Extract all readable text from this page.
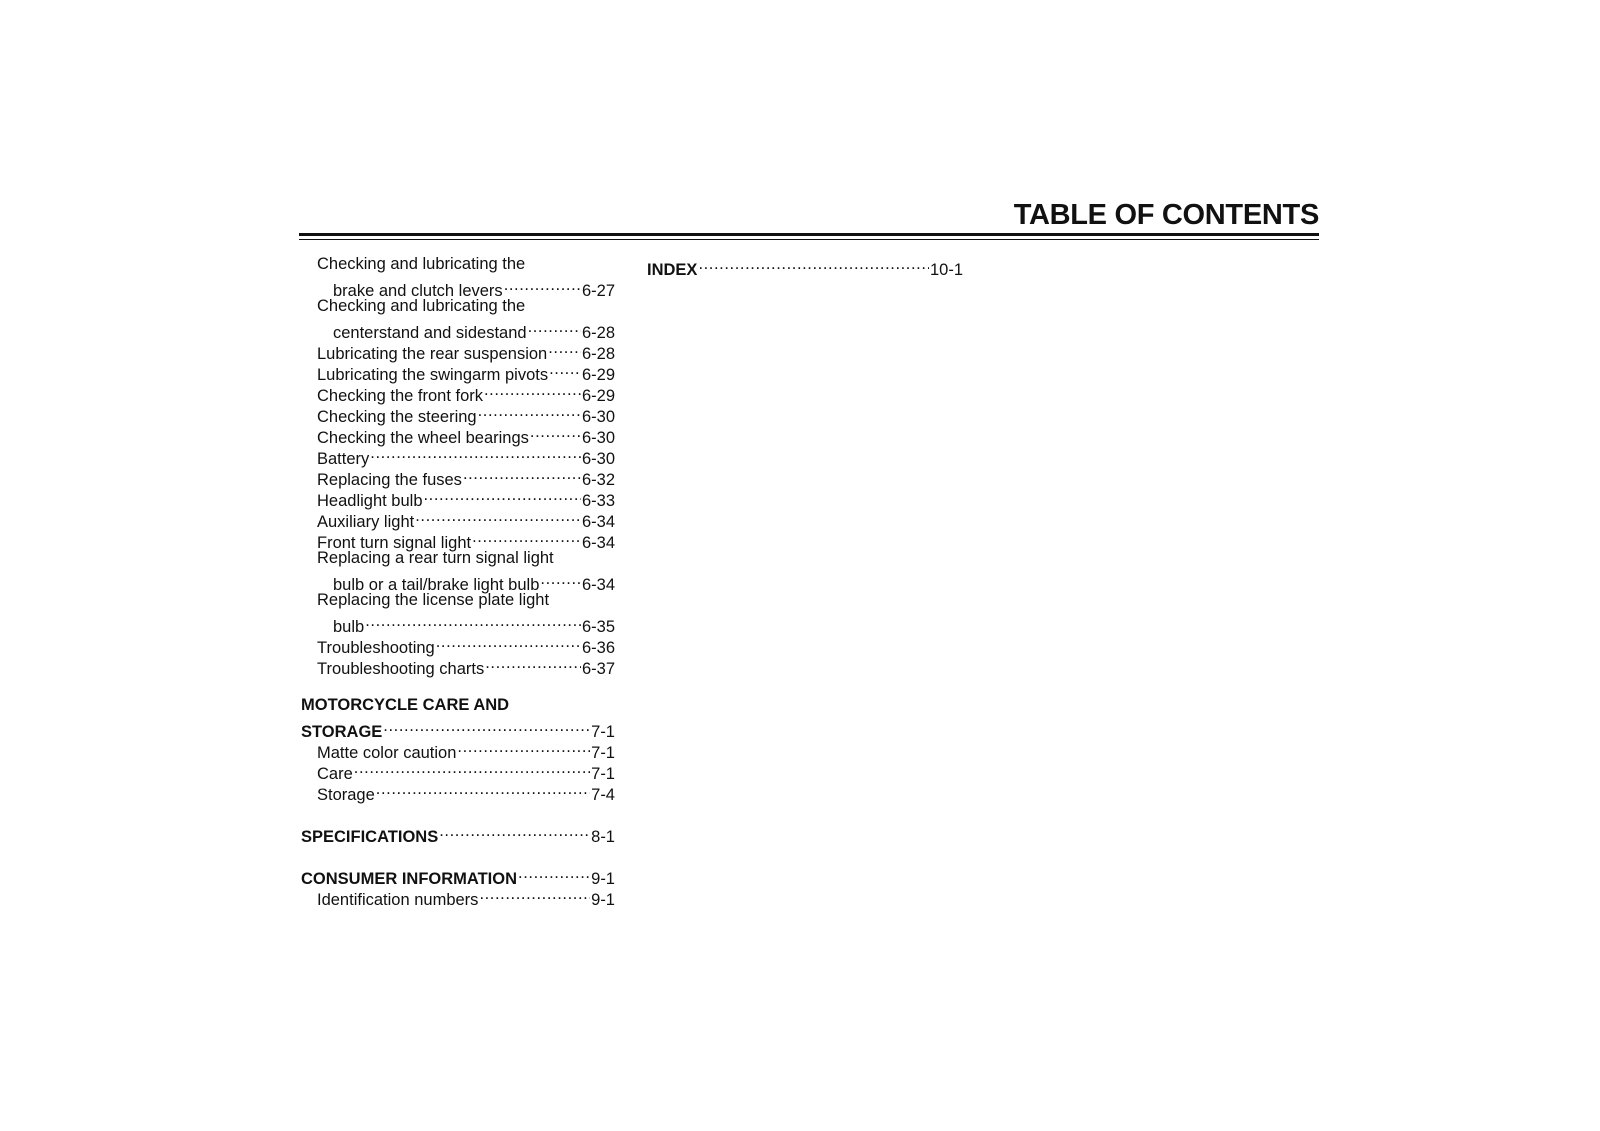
TABLE OF CONTENTS
Checking and lubricating the
brake and clutch levers .....	6-27
Checking and lubricating the
centerstand and sidestand .....	6-28
Lubricating the rear suspension ..... 6-28
Lubricating the swingarm pivots ..... 6-29
Checking the front fork .....	6-29
Checking the steering .....	6-30
Checking the wheel bearings .....	6-30
Battery .....	6-30
Replacing the fuses .....	6-32
Headlight bulb .....	6-33
Auxiliary light .....	6-34
Front turn signal light .....	6-34
Replacing a rear turn signal light
bulb or a tail/brake light bulb .....	6-34
Replacing the license plate light
bulb .....	6-35
Troubleshooting .....	6-36
Troubleshooting charts .....	6-37
MOTORCYCLE CARE AND
STORAGE .....	7-1
Matte color caution .....	7-1
Care .....	7-1
Storage .....	7-4
SPECIFICATIONS .....	8-1
CONSUMER INFORMATION .....	9-1
Identification numbers .....	9-1
INDEX .....	10-1
